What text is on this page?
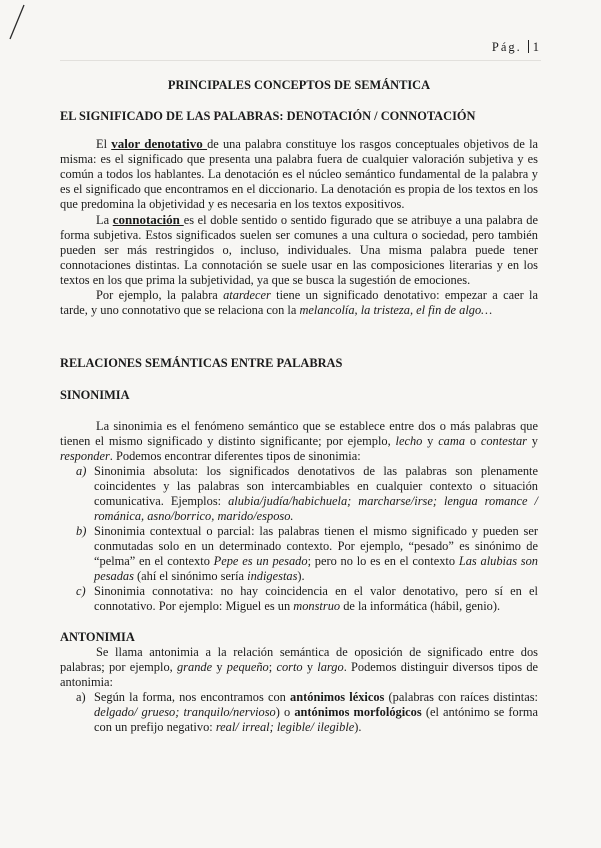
Pág. 1
PRINCIPALES CONCEPTOS DE SEMÁNTICA
EL SIGNIFICADO DE LAS PALABRAS: DENOTACIÓN / CONNOTACIÓN

El valor denotativo de una palabra constituye los rasgos conceptuales objetivos de la misma: es el significado que presenta una palabra fuera de cualquier valoración subjetiva y es común a todos los hablantes. La denotación es el núcleo semántico fundamental de la palabra y es el significado que encontramos en el diccionario. La denotación es propia de los textos en los que predomina la objetividad y es necesaria en los textos expositivos.

La connotación es el doble sentido o sentido figurado que se atribuye a una palabra de forma subjetiva. Estos significados suelen ser comunes a una cultura o sociedad, pero también pueden ser más restringidos o, incluso, individuales. Una misma palabra puede tener connotaciones distintas. La connotación se suele usar en las composiciones literarias y en los textos en los que prima la subjetividad, ya que se busca la sugestión de emociones.

Por ejemplo, la palabra atardecer tiene un significado denotativo: empezar a caer la tarde, y uno connotativo que se relaciona con la melancolía, la tristeza, el fin de algo…

RELACIONES SEMÁNTICAS ENTRE PALABRAS
SINONIMIA

La sinonimia es el fenómeno semántico que se establece entre dos o más palabras que tienen el mismo significado y distinto significante; por ejemplo, lecho y cama o contestar y responder. Podemos encontrar diferentes tipos de sinonimia:

a) Sinonimia absoluta: los significados denotativos de las palabras son plenamente coincidentes y las palabras son intercambiables en cualquier contexto o situación comunicativa. Ejemplos: alubia/judía/habichuela; marcharse/irse; lengua romance / románica, asno/borrico, marido/esposo.
b) Sinonimia contextual o parcial: las palabras tienen el mismo significado y pueden ser conmutadas solo en un determinado contexto. Por ejemplo, “pesado” es sinónimo de “pelma” en el contexto Pepe es un pesado; pero no lo es en el contexto Las alubias son pesadas (ahí el sinónimo sería indigestas).
c) Sinonimia connotativa: no hay coincidencia en el valor denotativo, pero sí en el connotativo. Por ejemplo: Miguel es un monstruo de la informática (hábil, genio).
ANTONIMIA

Se llama antonimia a la relación semántica de oposición de significado entre dos palabras; por ejemplo, grande y pequeño; corto y largo. Podemos distinguir diversos tipos de antonimia:

a) Según la forma, nos encontramos con antónimos léxicos (palabras con raíces distintas: delgado/ grueso; tranquilo/nervioso) o antónimos morfológicos (el antónimo se forma con un prefijo negativo: real/ irreal; legible/ ilegible).
